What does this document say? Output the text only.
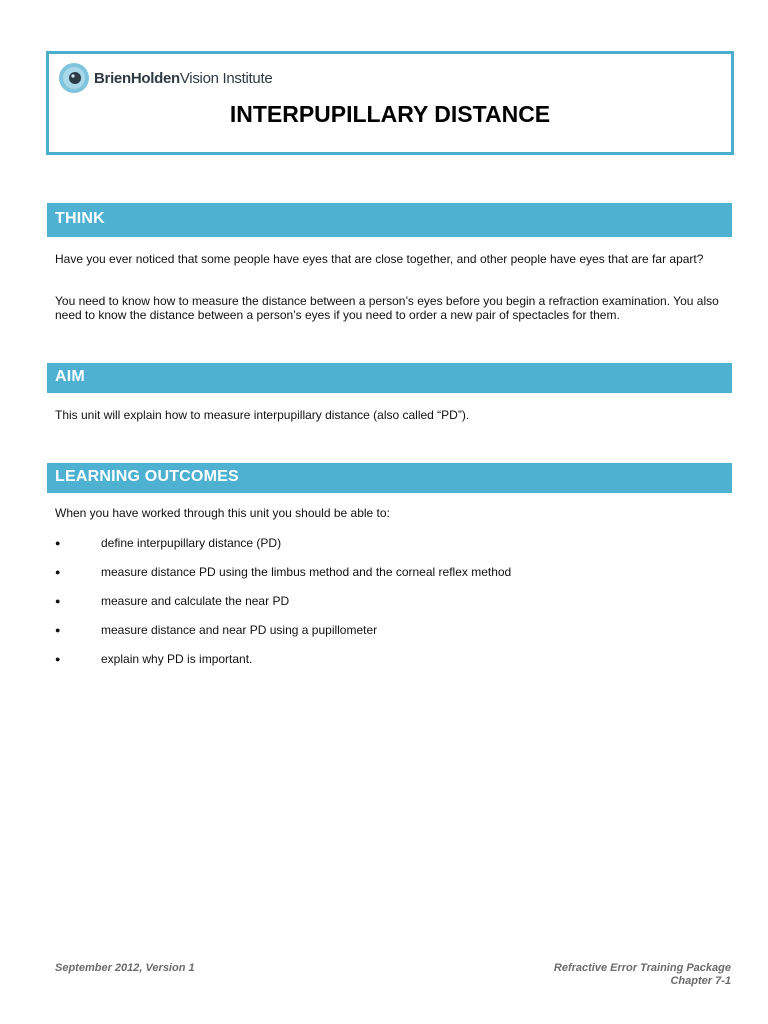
BrienHoldenVision Institute
INTERPUPILLARY DISTANCE
THINK

Have you ever noticed that some people have eyes that are close together, and other people have eyes that are far apart?

You need to know how to measure the distance between a person’s eyes before you begin a refraction examination. You also need to know the distance between a person’s eyes if you need to order a new pair of spectacles for them.

AIM

This unit will explain how to measure interpupillary distance (also called “PD”).

LEARNING OUTCOMES

When you have worked through this unit you should be able to:

●	define interpupillary distance (PD)
●	measure distance PD using the limbus method and the corneal reflex method
●	measure and calculate the near PD
●	measure distance and near PD using a pupillometer
●	explain why PD is important.
September 2012, Version 1	Refractive Error Training Package
Chapter 7-1
